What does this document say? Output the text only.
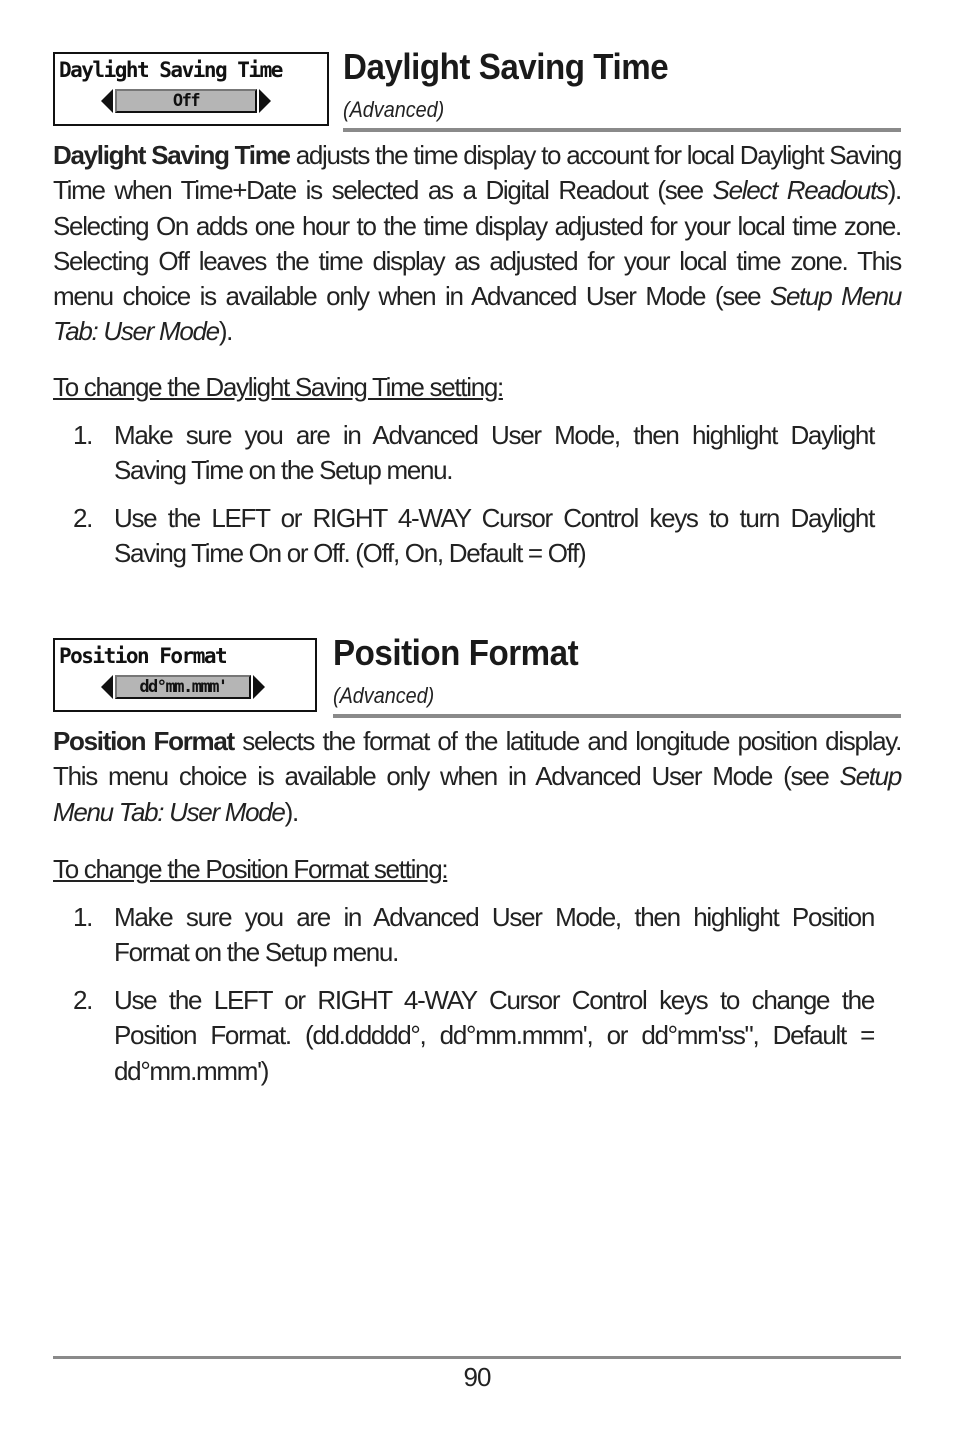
Daylight Saving Time
Off
Daylight Saving Time
(Advanced)
Daylight Saving Time adjusts the time display to account for local Daylight Saving Time when Time+Date is selected as a Digital Readout (see Select Readouts). Selecting On adds one hour to the time display adjusted for your local time zone. Selecting Off leaves the time display as adjusted for your local time zone. This menu choice is available only when in Advanced User Mode (see Setup Menu Tab: User Mode).
To change the Daylight Saving Time setting:
1. Make sure you are in Advanced User Mode, then highlight Daylight Saving Time on the Setup menu.
2. Use the LEFT or RIGHT 4-WAY Cursor Control keys to turn Daylight Saving Time On or Off. (Off, On, Default = Off)
Position Format
dd°mm.mmm'
Position Format
(Advanced)
Position Format selects the format of the latitude and longitude position display. This menu choice is available only when in Advanced User Mode (see Setup Menu Tab: User Mode).
To change the Position Format setting:
1. Make sure you are in Advanced User Mode, then highlight Position Format on the Setup menu.
2. Use the LEFT or RIGHT 4-WAY Cursor Control keys to change the Position Format. (dd.ddddd°, dd°mm.mmm', or dd°mm'ss", Default = dd°mm.mmm')
90
